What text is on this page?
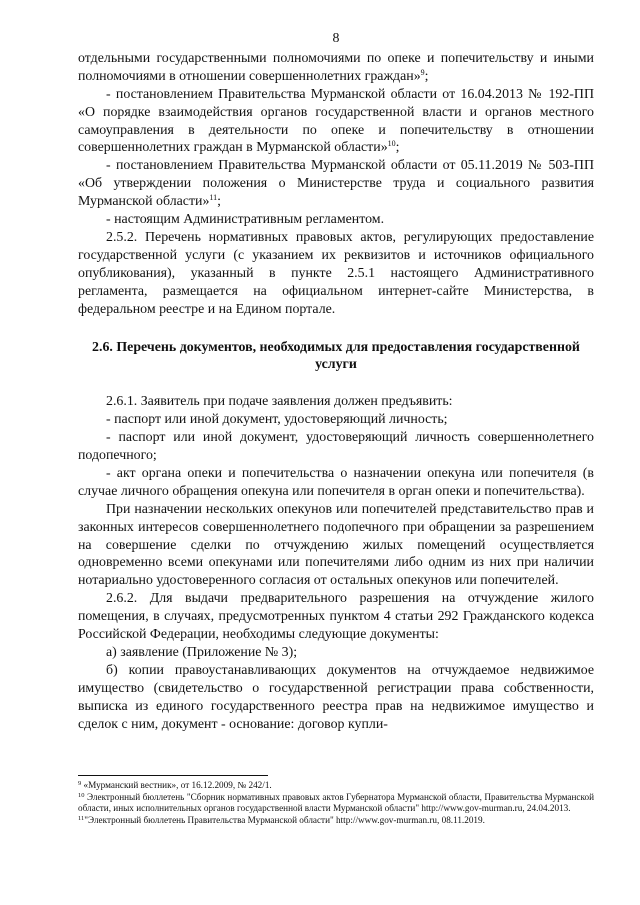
8

отдельными государственными полномочиями по опеке и попечительству и иными полномочиями в отношении совершеннолетних граждан»$^9$;

- постановлением Правительства Мурманской области от 16.04.2013 № 192-ПП «О порядке взаимодействия органов государственной власти и органов местного самоуправления в деятельности по опеке и попечительству в отношении совершеннолетних граждан в Мурманской области»$^{10}$;

- постановлением Правительства Мурманской области от 05.11.2019 № 503-ПП «Об утверждении положения о Министерстве труда и социального развития Мурманской области»$^{11}$;

- настоящим Административным регламентом.

2.5.2. Перечень нормативных правовых актов, регулирующих предоставление государственной услуги (с указанием их реквизитов и источников официального опубликования), указанный в пункте 2.5.1 настоящего Административного регламента, размещается на официальном интернет-сайте Министерства, в федеральном реестре и на Едином портале.

2.6. Перечень документов, необходимых для предоставления государственной услуги

2.6.1. Заявитель при подаче заявления должен предъявить:

- паспорт или иной документ, удостоверяющий личность;

- паспорт или иной документ, удостоверяющий личность совершеннолетнего подопечного;

- акт органа опеки и попечительства о назначении опекуна или попечителя (в случае личного обращения опекуна или попечителя в орган опеки и попечительства).

При назначении нескольких опекунов или попечителей представительство прав и законных интересов совершеннолетнего подопечного при обращении за разрешением на совершение сделки по отчуждению жилых помещений осуществляется одновременно всеми опекунами или попечителями либо одним из них при наличии нотариально удостоверенного согласия от остальных опекунов или попечителей.

2.6.2. Для выдачи предварительного разрешения на отчуждение жилого помещения, в случаях, предусмотренных пунктом 4 статьи 292 Гражданского кодекса Российской Федерации, необходимы следующие документы:

а) заявление (Приложение № 3);

б) копии правоустанавливающих документов на отчуждаемое недвижимое имущество (свидетельство о государственной регистрации права собственности, выписка из единого государственного реестра прав на недвижимое имущество и сделок с ним, документ - основание: договор купли-

$^9$ «Мурманский вестник», от 16.12.2009, № 242/1.

$^{10}$ Электронный бюллетень "Сборник нормативных правовых актов Губернатора Мурманской области, Правительства Мурманской области, иных исполнительных органов государственной власти Мурманской области" http://www.gov-murman.ru, 24.04.2013.

$^{11}$"Электронный бюллетень Правительства Мурманской области" http://www.gov-murman.ru, 08.11.2019.
